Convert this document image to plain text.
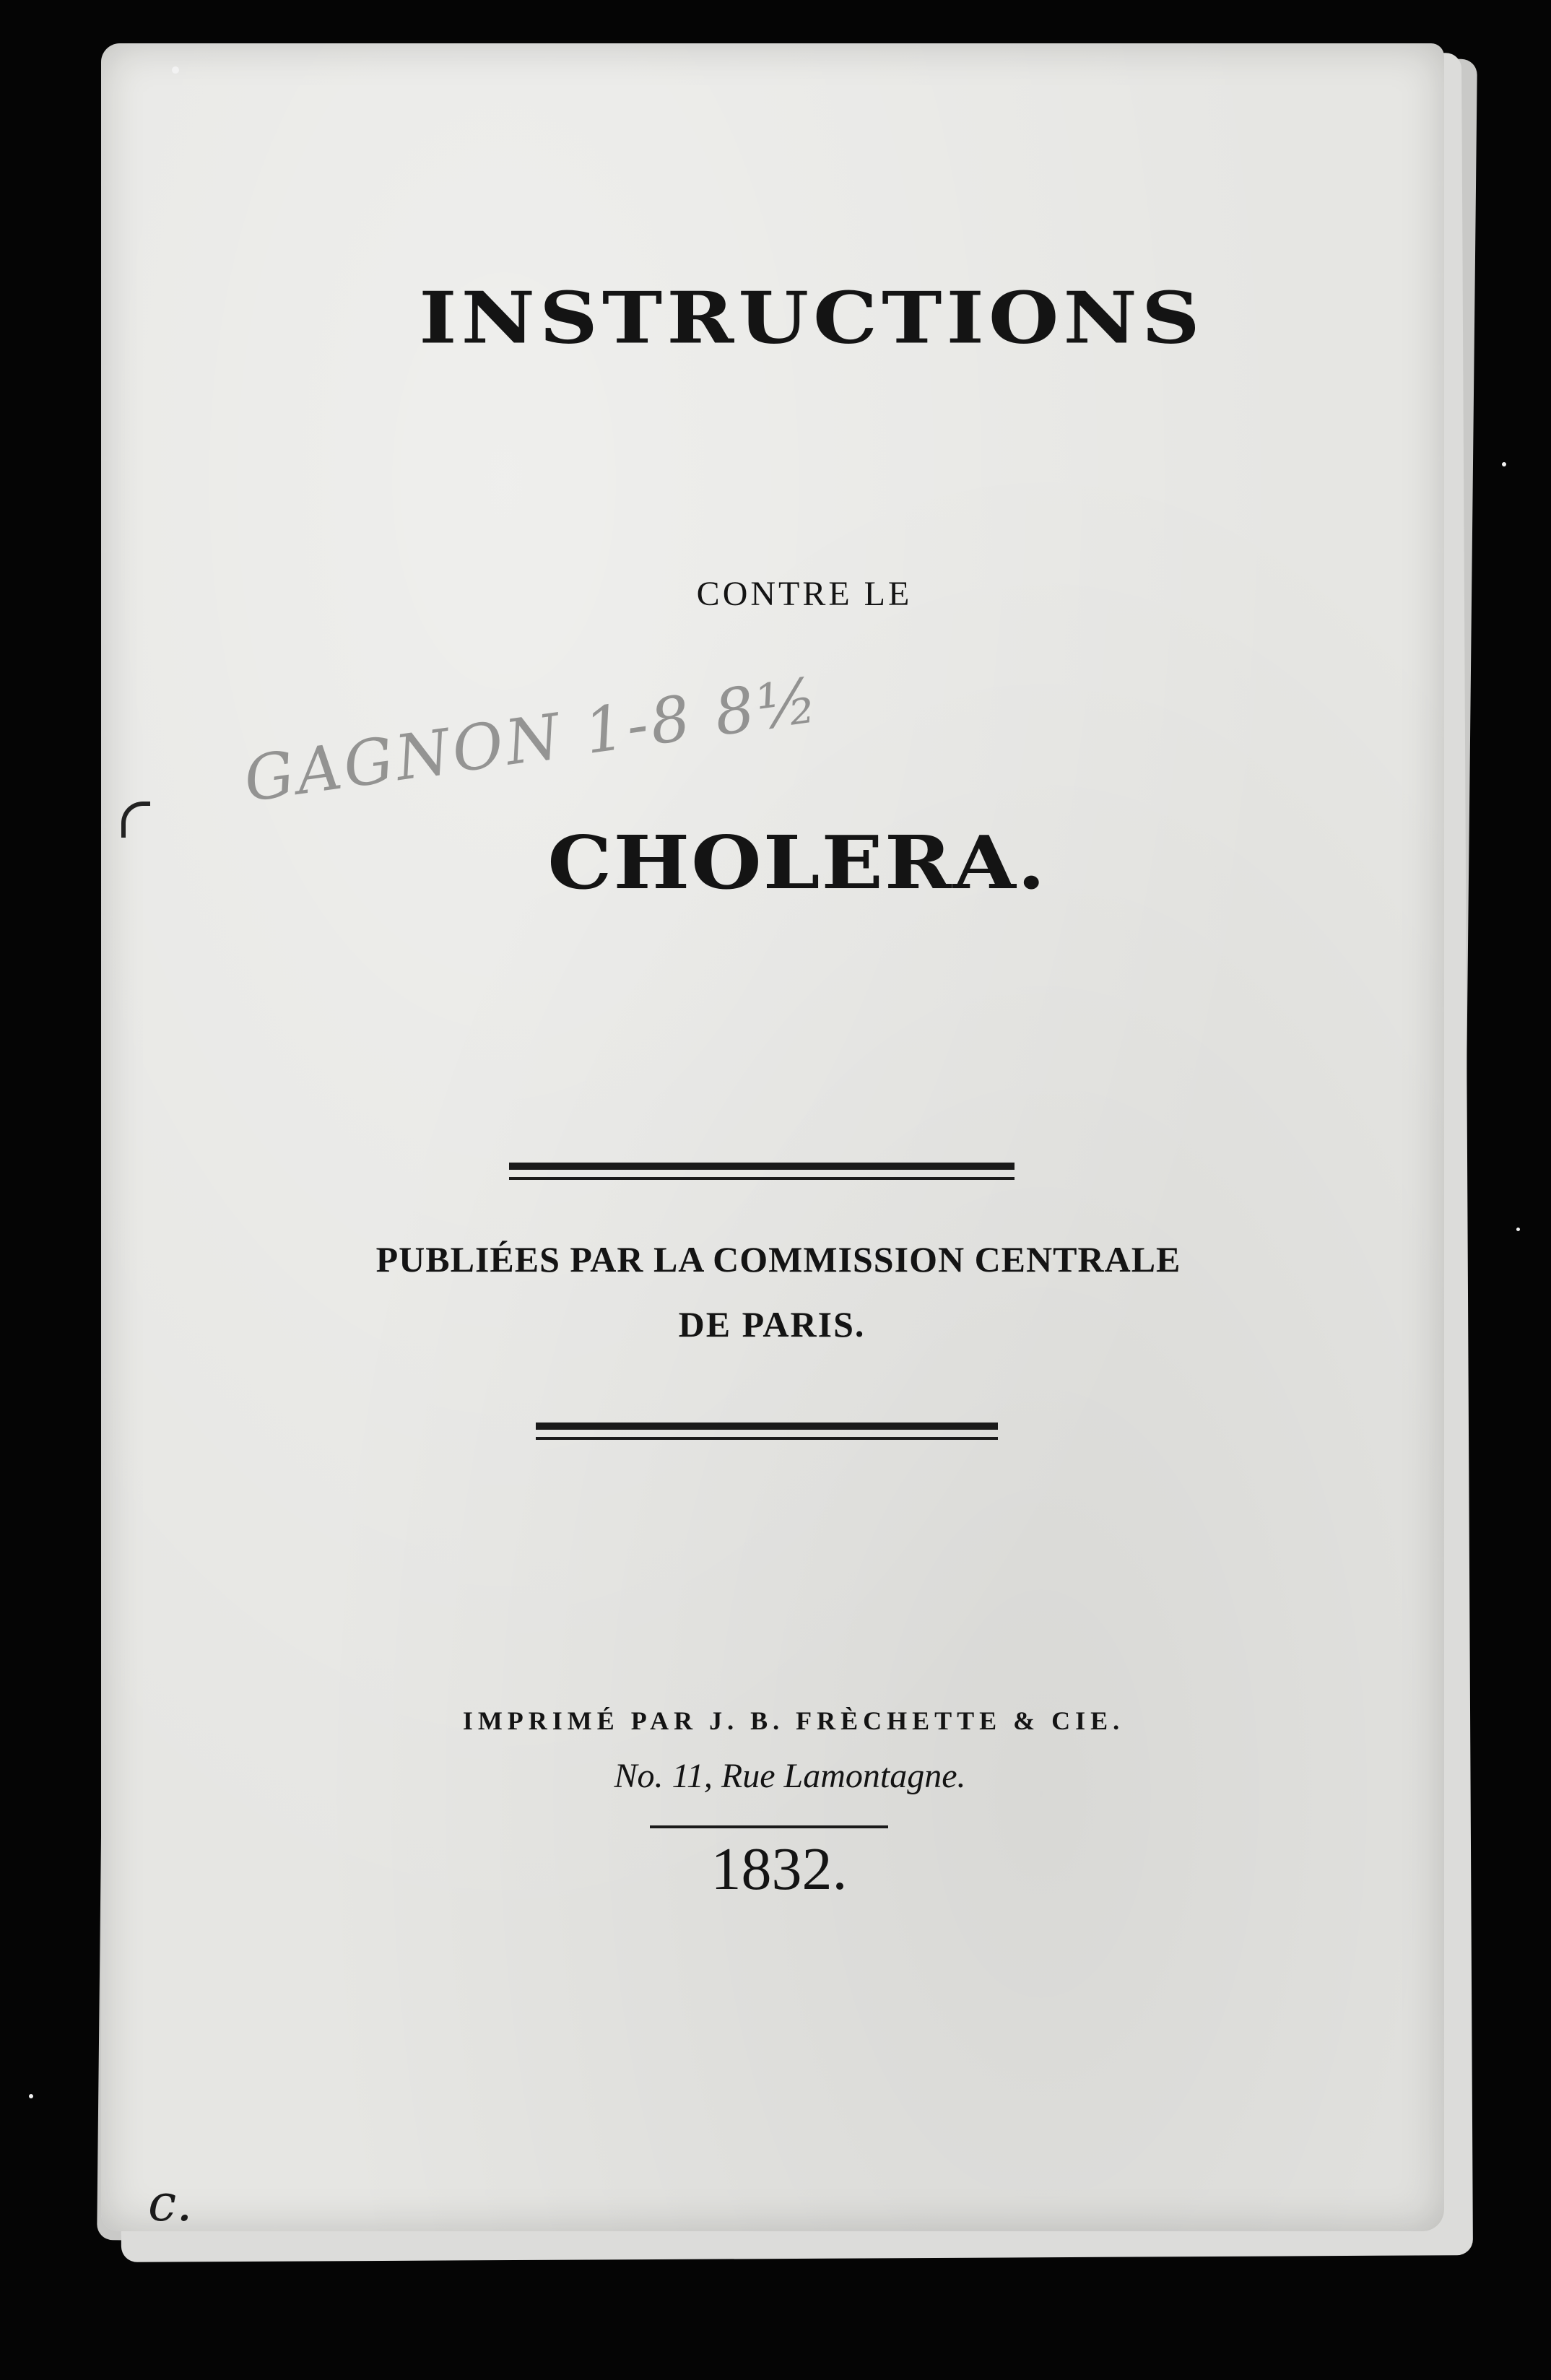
INSTRUCTIONS
CONTRE LE
GAGNON 1-8 8½
CHOLERA.
PUBLIÉES PAR LA COMMISSION CENTRALE
DE PARIS.
IMPRIMÉ PAR J. B. FRÈCHETTE & CIE.
No. 11, Rue Lamontagne.
1832.
c.
